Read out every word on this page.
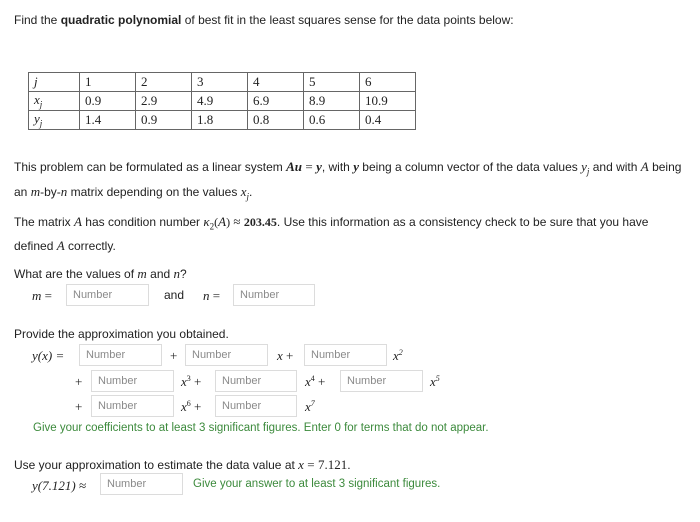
Find the quadratic polynomial of best fit in the least squares sense for the data points below:
j	1	2	3	4	5	6
$x_j$	0.9	2.9	4.9	6.9	8.9	10.9
$y_j$	1.4	0.9	1.8	0.8	0.6	0.4
This problem can be formulated as a linear system Au = y, with y being a column vector of the data values $y_j$ and with A being
an m-by-n matrix depending on the values $x_j$.
The matrix A has condition number $\kappa_2(A) \approx 203.45$. Use this information as a consistency check to be sure that you have
defined A correctly.
What are the values of m and n?
m =
Number	and n =
Number
Provide the approximation you obtained.
y(x) =
Number	+
Number	x +
Number	$x^2$
+
Number	$x^3$ +
Number	$x^4$ +
Number	$x^5$
+
Number	$x^6$ +
Number	$x^7$
Give your coefficients to at least 3 significant figures. Enter 0 for terms that do not appear.
Use your approximation to estimate the data value at x = 7.121.
y(7.121) ≈
Number	Give your answer to at least 3 significant figures.
